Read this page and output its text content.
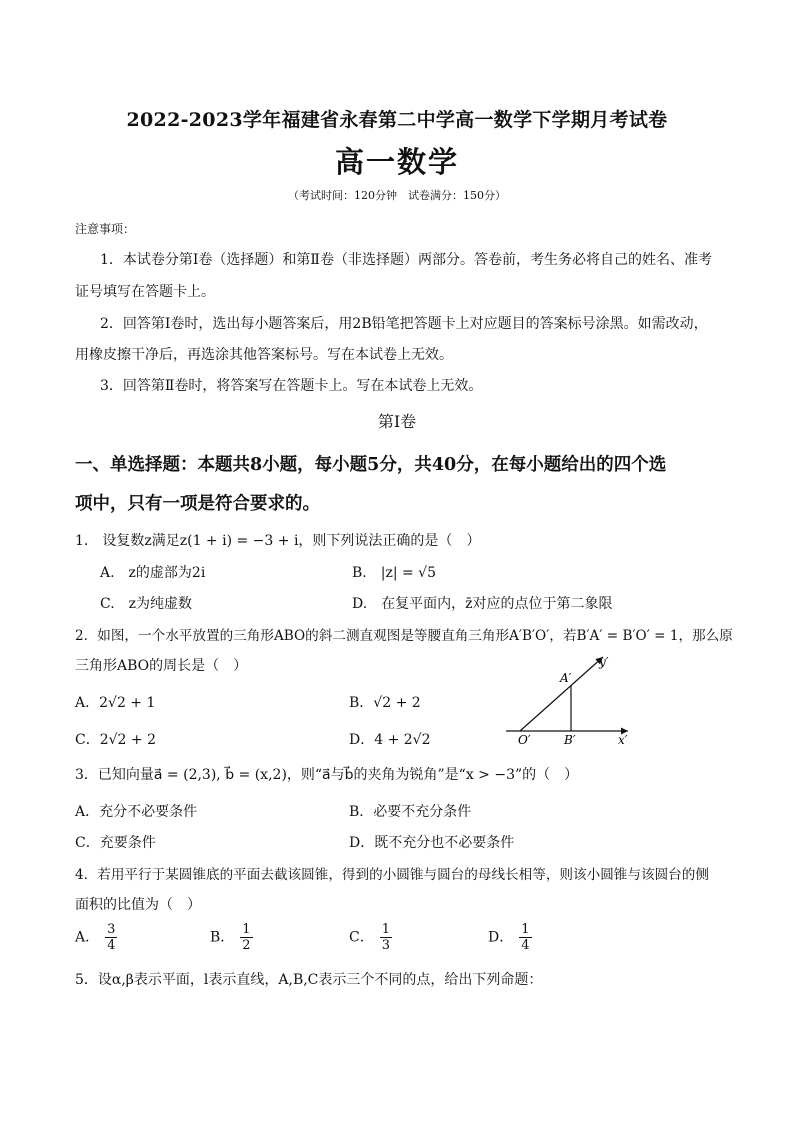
2022-2023学年福建省永春第二中学高一数学下学期月考试卷
高一数学
（考试时间：120分钟　试卷满分：150分）
注意事项：
1．本试卷分第Ⅰ卷（选择题）和第Ⅱ卷（非选择题）两部分。答卷前，考生务必将自己的姓名、准考
证号填写在答题卡上。
2．回答第Ⅰ卷时，选出每小题答案后，用2B铅笔把答题卡上对应题目的答案标号涂黑。如需改动，
用橡皮擦干净后，再选涂其他答案标号。写在本试卷上无效。
3．回答第Ⅱ卷时，将答案写在答题卡上。写在本试卷上无效。
第Ⅰ卷
一、单选择题：本题共8小题，每小题5分，共40分，在每小题给出的四个选
项中，只有一项是符合要求的。
1.　设复数z满足z(1 + i) = −3 + i，则下列说法正确的是（　）
A.　z的虚部为2i	B.　|z| = √5
C.　z为纯虚数	D.　在复平面内，z̄对应的点位于第二象限
2．如图，一个水平放置的三角形ABO的斜二测直观图是等腰直角三角形A′B′O′，若B′A′ = B′O′ = 1，那么原
三角形ABO的周长是（　）
A．2√2 + 1	B．√2 + 2
C．2√2 + 2	D．4 + 2√2
y′
x′
A′
B′
O′
3．已知向量a⃗ = (2,3), b⃗ = (x,2)，则“a⃗与b⃗的夹角为锐角”是“x > −3”的（　）
A．充分不必要条件	B．必要不充分条件
C．充要条件	D．既不充分也不必要条件
4．若用平行于某圆锥底的平面去截该圆锥，得到的小圆锥与圆台的母线长相等，则该小圆锥与该圆台的侧
面积的比值为（　）
A． $\frac{3}{4}$	B． $\frac{1}{2}$	C． $\frac{1}{3}$	D． $\frac{1}{4}$
5．设α,β表示平面，l表示直线，A,B,C表示三个不同的点，给出下列命题：
